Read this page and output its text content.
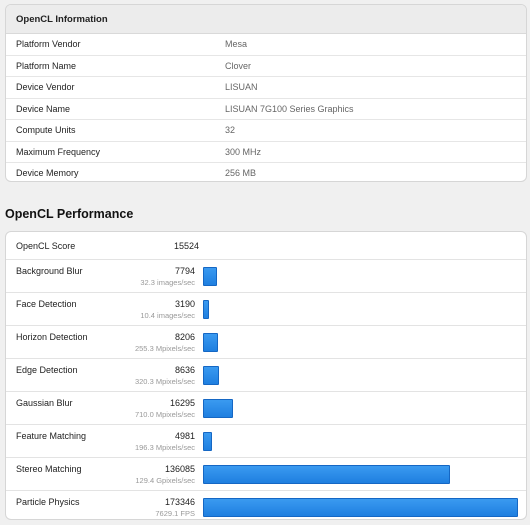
OpenCL Information
Platform Vendor	Mesa
Platform Name	Clover
Device Vendor	LISUAN
Device Name	LISUAN 7G100 Series Graphics
Compute Units	32
Maximum Frequency	300 MHz
Device Memory	256 MB
OpenCL Performance
OpenCL Score	15524
Background Blur	7794
32.3 images/sec
Face Detection	3190
10.4 images/sec
Horizon Detection	8206
255.3 Mpixels/sec
Edge Detection	8636
320.3 Mpixels/sec
Gaussian Blur	16295
710.0 Mpixels/sec
Feature Matching	4981
196.3 Mpixels/sec
Stereo Matching	136085
129.4 Gpixels/sec
Particle Physics	173346
7629.1 FPS
